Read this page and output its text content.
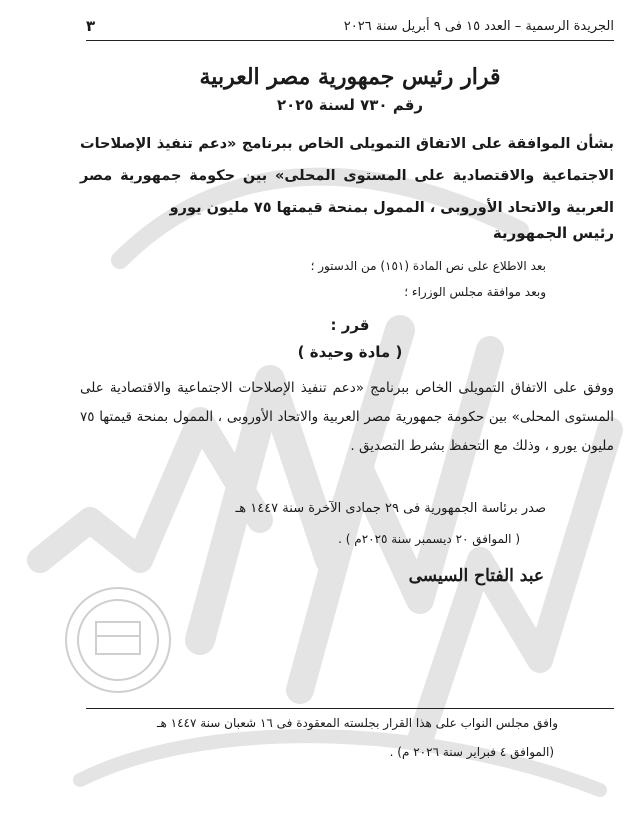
الجريدة الرسمية – العدد ١٥ فى ٩ أبريل سنة ٢٠٢٦
٣
قرار رئيس جمهورية مصر العربية
رقم ٧٣٠ لسنة ٢٠٢٥
بشأن الموافقة على الاتفاق التمويلى الخاص ببرنامج «دعم تنفيذ الإصلاحات الاجتماعية والاقتصادية على المستوى المحلى» بين حكومة جمهورية مصر العربية والاتحاد الأوروبى ، الممول بمنحة قيمتها ٧٥ مليون يورو
رئيس الجمهورية
بعد الاطلاع على نص المادة (١٥١) من الدستور ؛
وبعد موافقة مجلس الوزراء ؛
قرر :
( مادة وحيدة )
ووفق على الاتفاق التمويلى الخاص ببرنامج «دعم تنفيذ الإصلاحات الاجتماعية والاقتصادية على المستوى المحلى» بين حكومة جمهورية مصر العربية والاتحاد الأوروبى ، الممول بمنحة قيمتها ٧٥ مليون يورو ، وذلك مع التحفظ بشرط التصديق .
صدر برئاسة الجمهورية فى ٢٩ جمادى الآخرة سنة ١٤٤٧ هـ
( الموافق ٢٠ ديسمبر سنة ٢٠٢٥م ) .
عبد الفتاح السيسى
وافق مجلس النواب على هذا القرار بجلسته المعقودة فى ١٦ شعبان سنة ١٤٤٧ هـ
(الموافق ٤ فبراير سنة ٢٠٢٦ م) .
